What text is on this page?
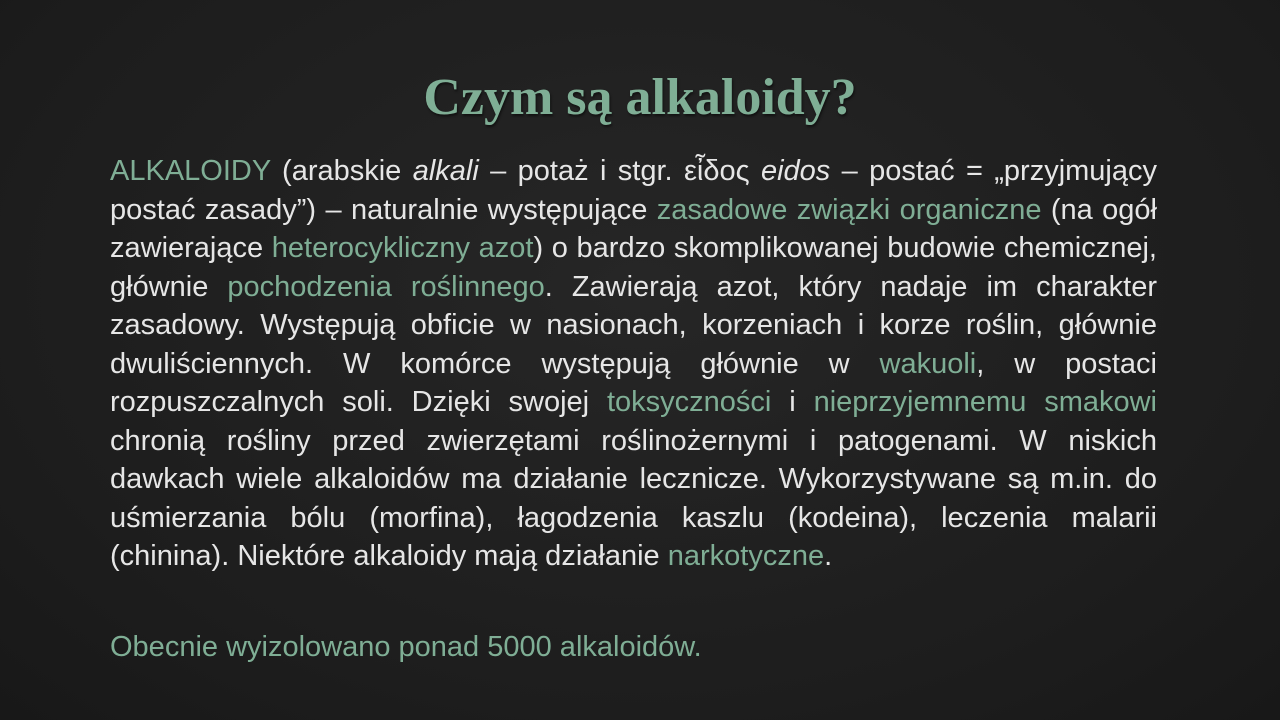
Czym są alkaloidy?

ALKALOIDY (arabskie alkali – potaż i stgr. εἶδος eidos – postać = „przyjmujący postać zasady”) – naturalnie występujące zasadowe związki organiczne (na ogół zawierające heterocykliczny azot) o bardzo skomplikowanej budowie chemicznej, głównie pochodzenia roślinnego. Zawierają azot, który nadaje im charakter zasadowy. Występują obficie w nasionach, korzeniach i korze roślin, głównie dwuliściennych. W komórce występują głównie w wakuoli, w postaci rozpuszczalnych soli. Dzięki swojej toksyczności i nieprzyjemnemu smakowi chronią rośliny przed zwierzętami roślinożernymi i patogenami. W niskich dawkach wiele alkaloidów ma działanie lecznicze. Wykorzystywane są m.in. do uśmierzania bólu (morfina), łagodzenia kaszlu (kodeina), leczenia malarii (chinina). Niektóre alkaloidy mają działanie narkotyczne.

Obecnie wyizolowano ponad 5000 alkaloidów.
